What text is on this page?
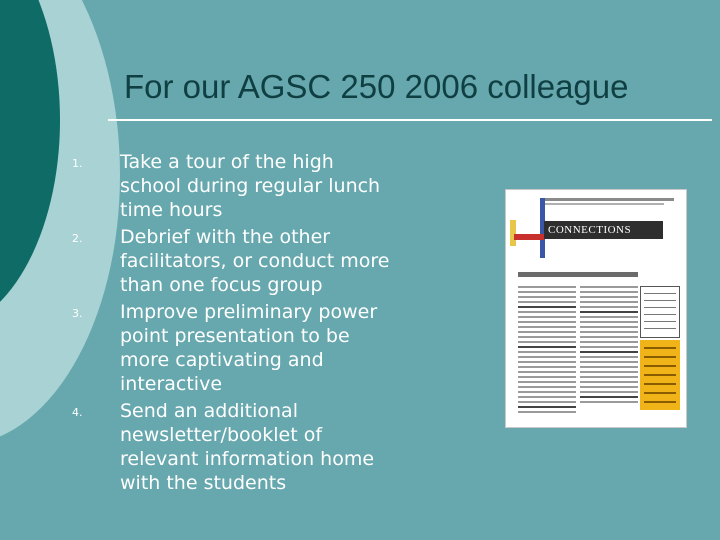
For our AGSC 250 2006 colleague
1.	Take a tour of the high school during regular lunch time hours
2.	Debrief with the other facilitators, or conduct more than one focus group
3.	Improve preliminary power point presentation to be more captivating and interactive
4.	Send an additional newsletter/booklet of relevant information home with the students
CONNECTIONS
